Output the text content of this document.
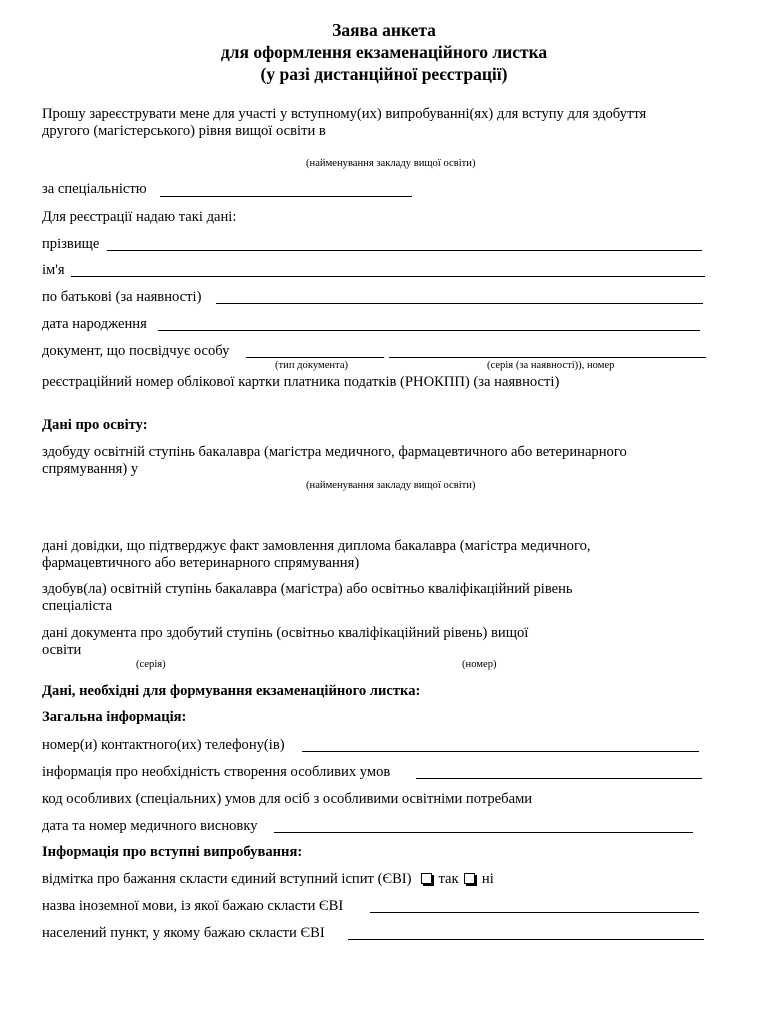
Заява анкета
для оформлення екзаменаційного листка
(у разі дистанційної реєстрації)
Прошу зареєструвати мене для участі у вступному(их) випробуванні(ях) для вступу для здобуття
другого (магістерського) рівня вищої освіти в
(найменування закладу вищої освіти)
за спеціальністю
Для реєстрації надаю такі дані:
прізвище
ім'я
по батькові (за наявності)
дата народження
документ, що посвідчує особу
(тип документа)	(серія (за наявності)), номер
реєстраційний номер облікової картки платника податків (РНОКПП) (за наявності)
Дані про освіту:
здобуду освітній ступінь бакалавра (магістра медичного, фармацевтичного або ветеринарного
спрямування) у
(найменування закладу вищої освіти)
дані довідки, що підтверджує факт замовлення диплома бакалавра (магістра медичного,
фармацевтичного або ветеринарного спрямування)
здобув(ла) освітній ступінь бакалавра (магістра) або освітньо кваліфікаційний рівень
спеціаліста
дані документа про здобутий ступінь (освітньо кваліфікаційний рівень) вищої
освіти
(серія)	(номер)
Дані, необхідні для формування екзаменаційного листка:
Загальна інформація:
номер(и) контактного(их) телефону(ів)
інформація про необхідність створення особливих умов
код особливих (спеціальних) умов для осіб з особливими освітніми потребами
дата та номер медичного висновку
Інформація про вступні випробування:
відмітка про бажання скласти єдиний вступний іспит (ЄВІ) так ні
назва іноземної мови, із якої бажаю скласти ЄВІ
населений пункт, у якому бажаю скласти ЄВІ
